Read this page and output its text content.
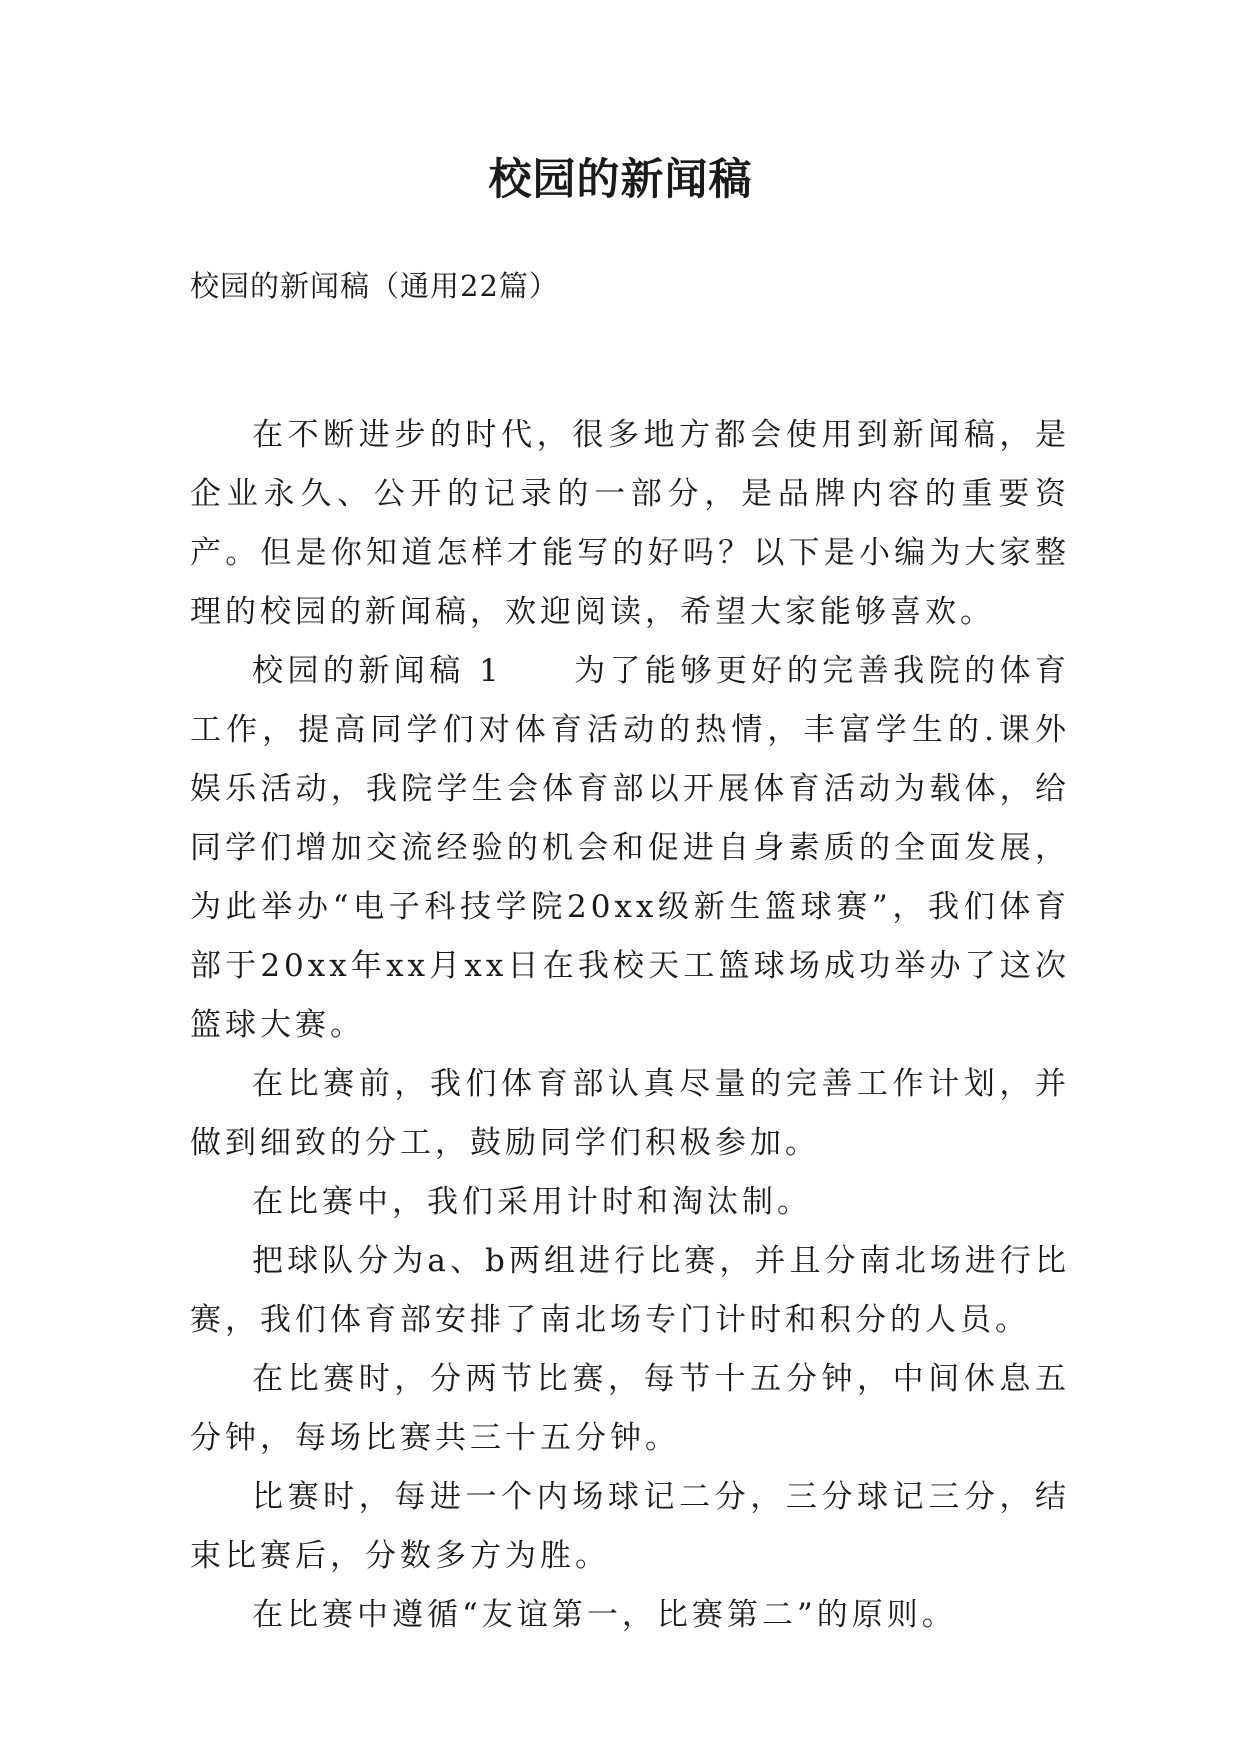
校园的新闻稿
校园的新闻稿（通用22篇）

在不断进步的时代，很多地方都会使用到新闻稿，是企业永久、公开的记录的一部分，是品牌内容的重要资产。但是你知道怎样才能写的好吗？以下是小编为大家整理的校园的新闻稿，欢迎阅读，希望大家能够喜欢。

校园的新闻稿 1　　为了能够更好的完善我院的体育工作，提高同学们对体育活动的热情，丰富学生的.课外娱乐活动，我院学生会体育部以开展体育活动为载体，给同学们增加交流经验的机会和促进自身素质的全面发展，为此举办“电子科技学院20xx级新生篮球赛”，我们体育部于20xx年xx月xx日在我校天工篮球场成功举办了这次篮球大赛。

在比赛前，我们体育部认真尽量的完善工作计划，并做到细致的分工，鼓励同学们积极参加。

在比赛中，我们采用计时和淘汰制。

把球队分为a、b两组进行比赛，并且分南北场进行比赛，我们体育部安排了南北场专门计时和积分的人员。

在比赛时，分两节比赛，每节十五分钟，中间休息五分钟，每场比赛共三十五分钟。

比赛时，每进一个内场球记二分，三分球记三分，结束比赛后，分数多方为胜。

在比赛中遵循“友谊第一，比赛第二”的原则。
